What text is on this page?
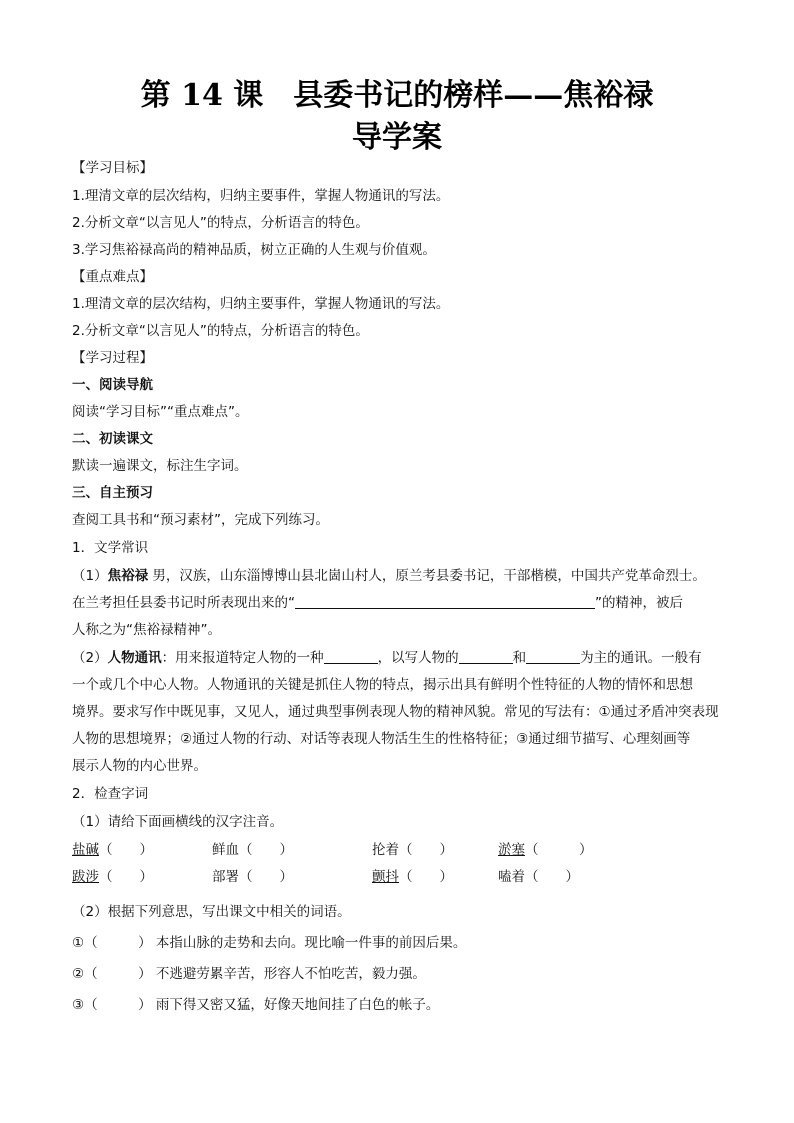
第 14 课　县委书记的榜样——焦裕禄
导学案
【学习目标】
1.理清文章的层次结构，归纳主要事件，掌握人物通讯的写法。
2.分析文章“以言见人”的特点，分析语言的特色。
3.学习焦裕禄高尚的精神品质，树立正确的人生观与价值观。
【重点难点】
1.理清文章的层次结构，归纳主要事件，掌握人物通讯的写法。
2.分析文章“以言见人”的特点，分析语言的特色。
【学习过程】
一、阅读导航
阅读“学习目标”“重点难点”。
二、初读课文
默读一遍课文，标注生字词。
三、自主预习
查阅工具书和“预习素材”，完成下列练习。
1．文学常识
（1）焦裕禄 男，汉族，山东淄博博山县北崮山村人，原兰考县委书记，干部楷模，中国共产党革命烈士。
在兰考担任县委书记时所表现出来的“	”的精神，被后
人称之为“焦裕禄精神”。
（2）人物通讯：用来报道特定人物的一种	，以写人物的	和	为主的通讯。一般有
一个或几个中心人物。人物通讯的关键是抓住人物的特点，揭示出具有鲜明个性特征的人物的情怀和思想
境界。要求写作中既见事，又见人，通过典型事例表现人物的精神风貌。常见的写法有：①通过矛盾冲突表现
人物的思想境界；②通过人物的行动、对话等表现人物活生生的性格特征；③通过细节描写、心理刻画等
展示人物的内心世界。
2．检查字词
（1）请给下面画横线的汉字注音。
盐碱（　　）	鲜血（　　）	抡着（　　）	淤塞（　　　）
跋涉（　　）	部署（　　）	颤抖（　　）	嗑着（　　）
（2）根据下列意思，写出课文中相关的词语。
①（　　　） 本指山脉的走势和去向。现比喻一件事的前因后果。
②（　　　） 不逃避劳累辛苦，形容人不怕吃苦，毅力强。
③（　　　） 雨下得又密又猛，好像天地间挂了白色的帐子。
